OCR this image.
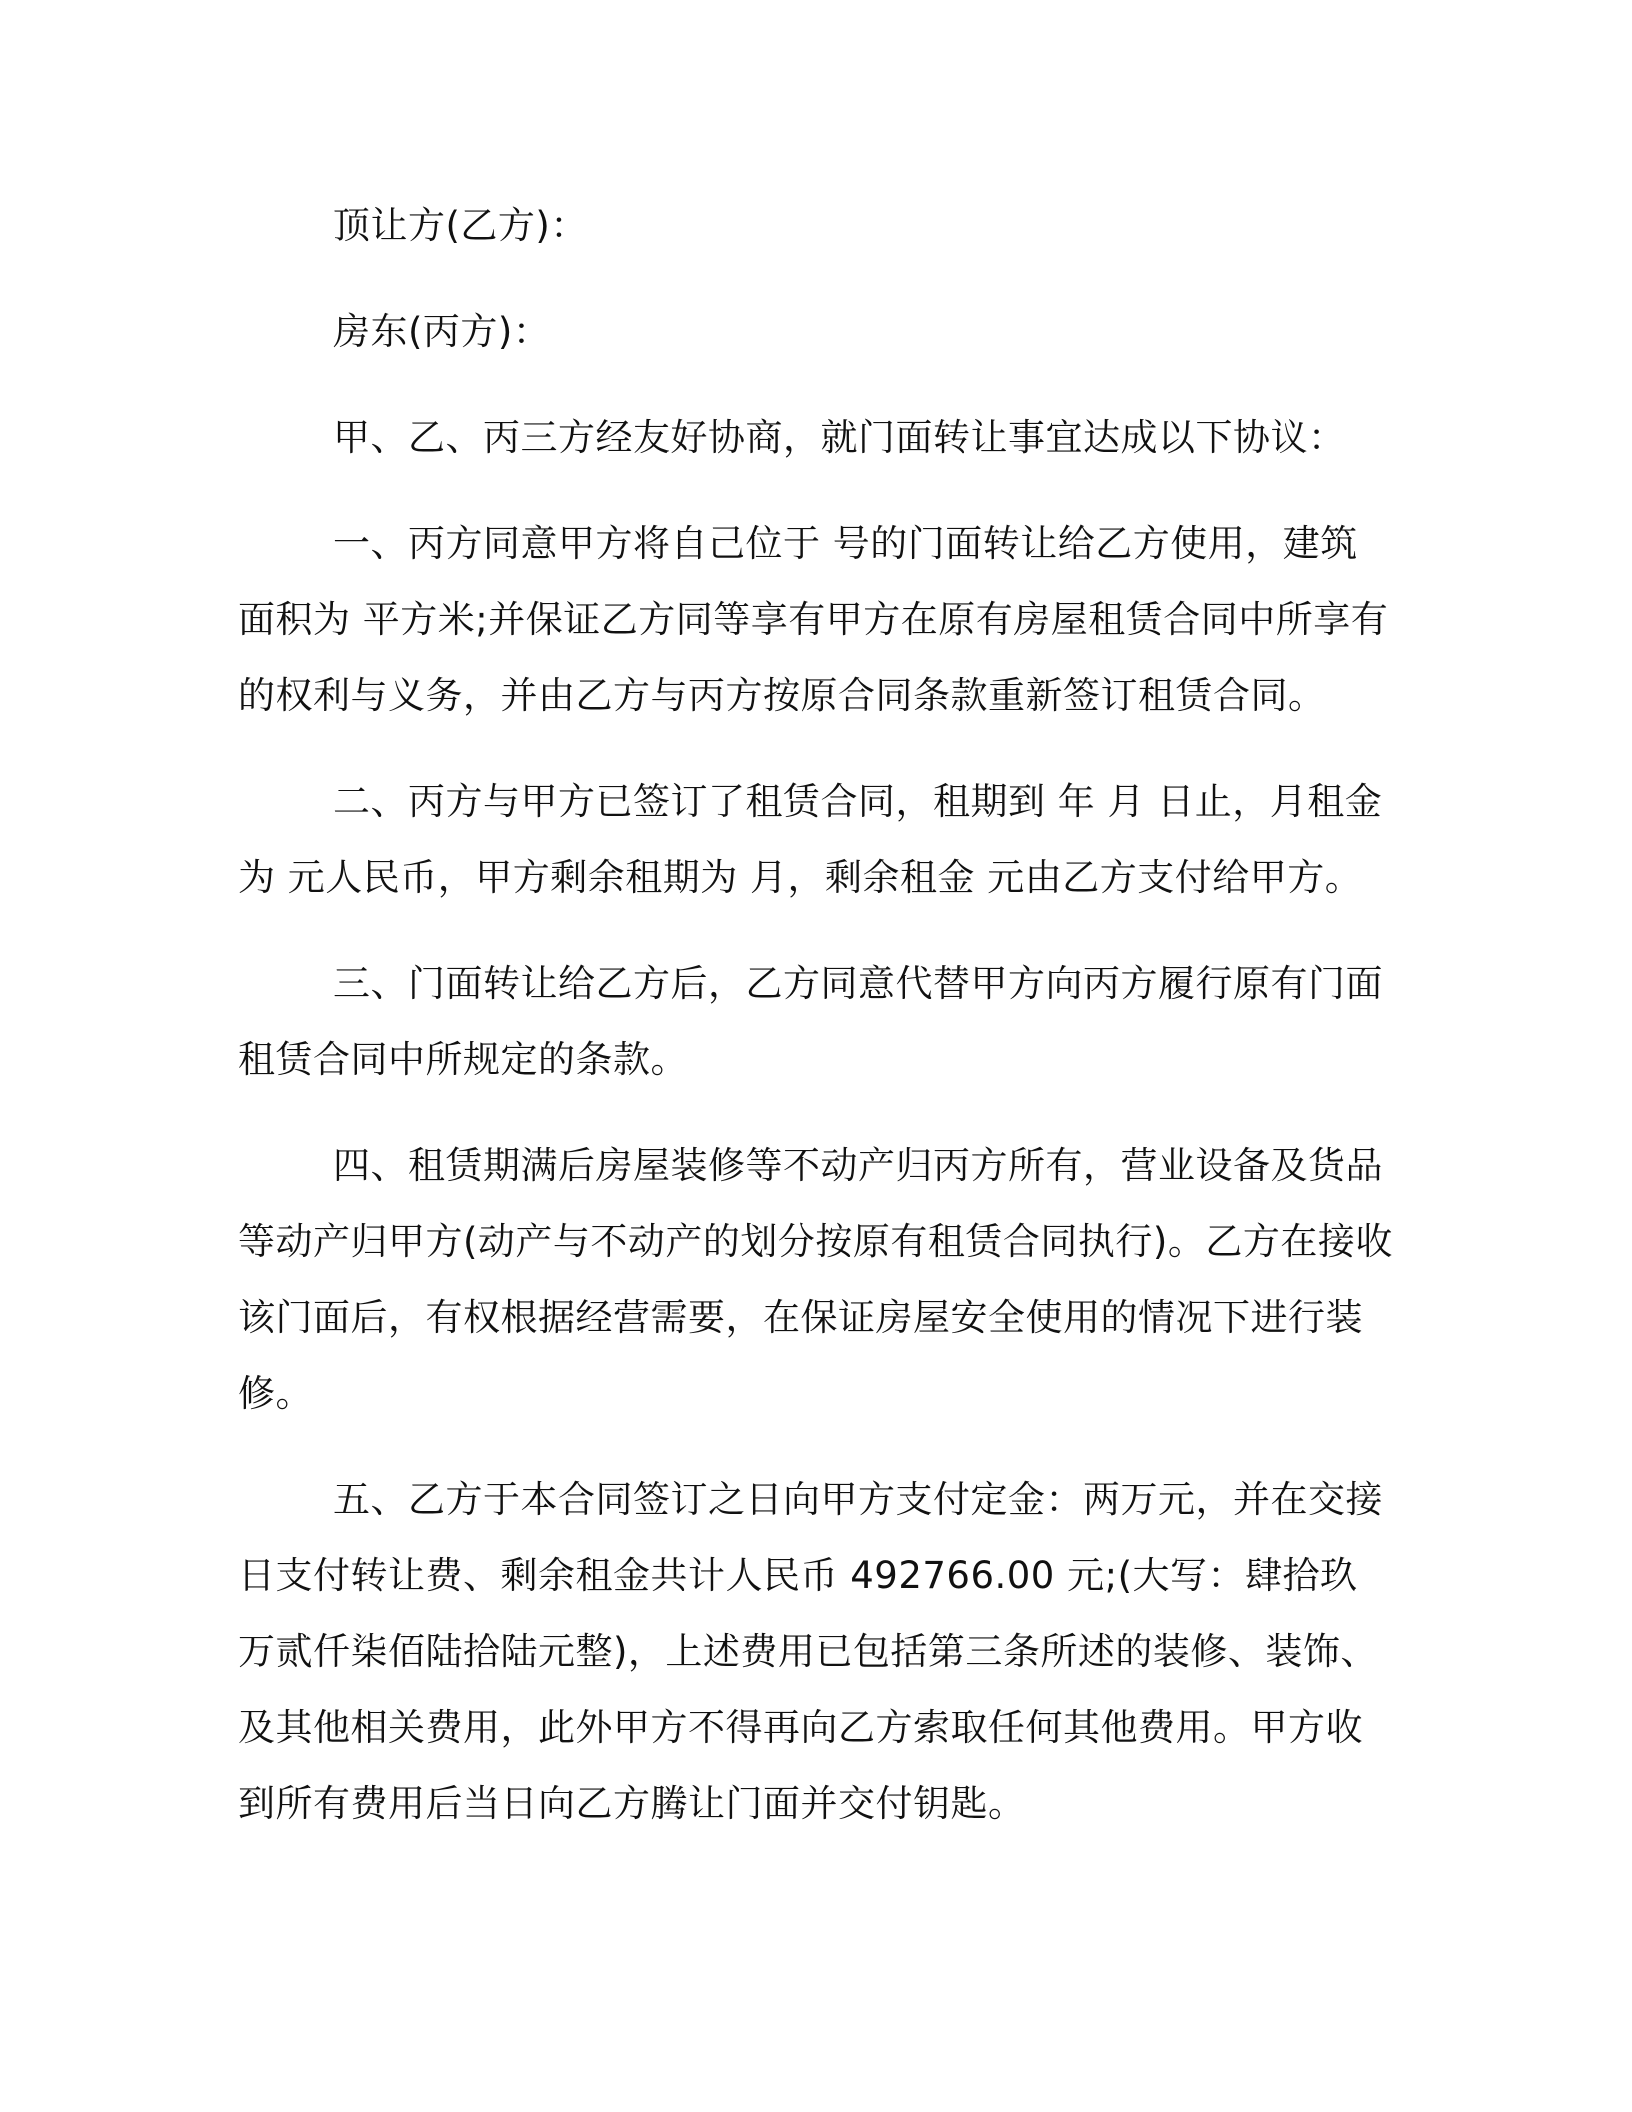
顶让方(乙方)：

房东(丙方)：

甲、乙、丙三方经友好协商，就门面转让事宜达成以下协议：

一、丙方同意甲方将自己位于 号的门面转让给乙方使用，建筑面积为 平方米;并保证乙方同等享有甲方在原有房屋租赁合同中所享有的权利与义务，并由乙方与丙方按原合同条款重新签订租赁合同。

二、丙方与甲方已签订了租赁合同，租期到 年 月 日止，月租金为 元人民币，甲方剩余租期为 月，剩余租金 元由乙方支付给甲方。

三、门面转让给乙方后，乙方同意代替甲方向丙方履行原有门面租赁合同中所规定的条款。

四、租赁期满后房屋装修等不动产归丙方所有，营业设备及货品等动产归甲方(动产与不动产的划分按原有租赁合同执行)。乙方在接收该门面后，有权根据经营需要，在保证房屋安全使用的情况下进行装修。

五、乙方于本合同签订之日向甲方支付定金：两万元，并在交接日支付转让费、剩余租金共计人民币 492766.00 元;(大写：肆拾玖万贰仟柒佰陆拾陆元整)，上述费用已包括第三条所述的装修、装饰、及其他相关费用，此外甲方不得再向乙方索取任何其他费用。甲方收到所有费用后当日向乙方腾让门面并交付钥匙。
